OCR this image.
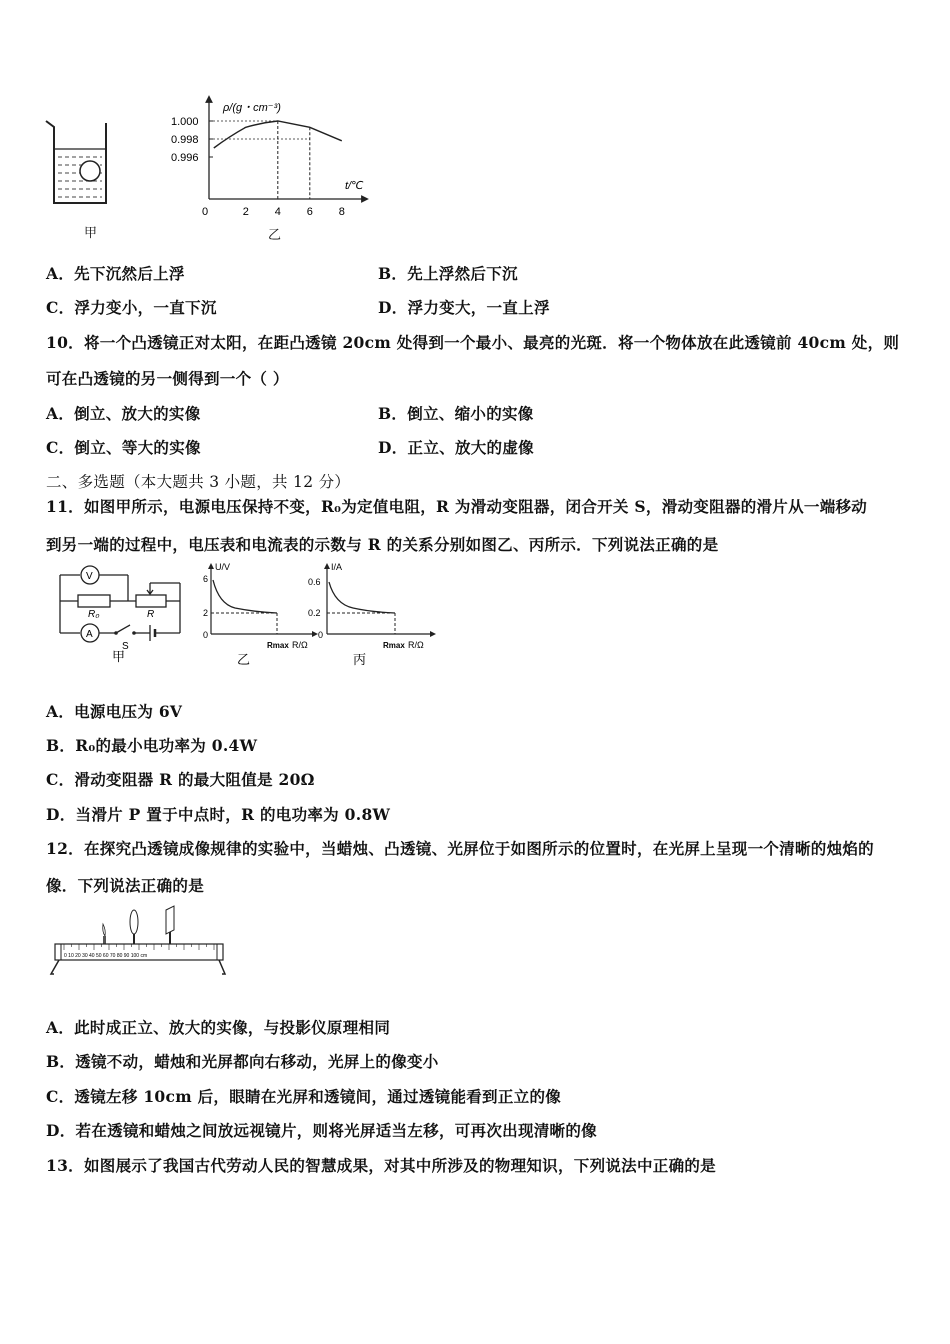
甲
ρ/(g・cm⁻³)
t/℃
0	2 4 6 8
1.000
0.998
0.996
乙
A．先下沉然后上浮	B．先上浮然后下沉
C．浮力变小，一直下沉	D．浮力变大，一直上浮
10．将一个凸透镜正对太阳，在距凸透镜 20cm 处得到一个最小、最亮的光斑．将一个物体放在此透镜前 40cm 处，则
可在凸透镜的另一侧得到一个（ ）
A．倒立、放大的实像	B．倒立、缩小的实像
C．倒立、等大的实像	D．正立、放大的虚像
二、多选题（本大题共 3 小题，共 12 分）
11．如图甲所示，电源电压保持不变，R₀为定值电阻，R 为滑动变阻器，闭合开关 S，滑动变阻器的滑片从一端移动
到另一端的过程中，电压表和电流表的示数与 R 的关系分别如图乙、丙所示．下列说法正确的是
V
A
R₀	R
S
甲
U/V
6
2
0
Rmax R/Ω
乙
I/A
0.6
0.2
0
Rmax R/Ω
丙
A．电源电压为 6V
B．R₀的最小电功率为 0.4W
C．滑动变阻器 R 的最大阻值是 20Ω
D．当滑片 P 置于中点时，R 的电功率为 0.8W
12．在探究凸透镜成像规律的实验中，当蜡烛、凸透镜、光屏位于如图所示的位置时，在光屏上呈现一个清晰的烛焰的
像．下列说法正确的是
0 10 20 30 40 50 60 70 80 90 100 cm
A．此时成正立、放大的实像，与投影仪原理相同
B．透镜不动，蜡烛和光屏都向右移动，光屏上的像变小
C．透镜左移 10cm 后，眼睛在光屏和透镜间，通过透镜能看到正立的像
D．若在透镜和蜡烛之间放远视镜片，则将光屏适当左移，可再次出现清晰的像
13．如图展示了我国古代劳动人民的智慧成果，对其中所涉及的物理知识，下列说法中正确的是
